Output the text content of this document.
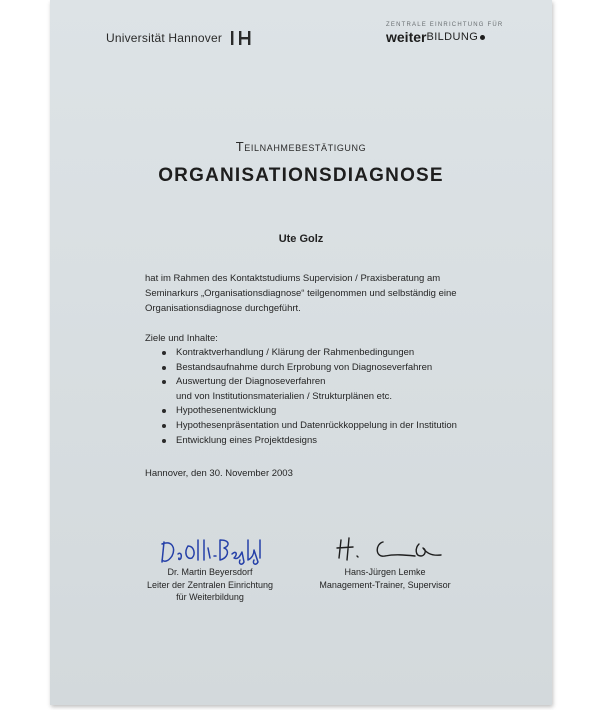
Universität Hannover
ZENTRALE EINRICHTUNG FÜR
weiter BILDUNG
Teilnahmebestätigung
ORGANISATIONSDIAGNOSE
Ute Golz
hat im Rahmen des Kontaktstudiums Supervision / Praxisberatung am
Seminarkurs „Organisationsdiagnose“ teilgenommen und selbständig eine
Organisationsdiagnose durchgeführt.
Ziele und Inhalte:
Kontraktverhandlung / Klärung der Rahmenbedingungen
Bestandsaufnahme durch Erprobung von Diagnoseverfahren
Auswertung der Diagnoseverfahren
und von Institutionsmaterialien / Strukturplänen etc.
Hypothesenentwicklung
Hypothesenpräsentation und Datenrückkoppelung in der Institution
Entwicklung eines Projektdesigns
Hannover, den 30. November 2003
Dr. Martin Beyersdorf
Leiter der Zentralen Einrichtung
für Weiterbildung
Hans-Jürgen Lemke
Management-Trainer, Supervisor
